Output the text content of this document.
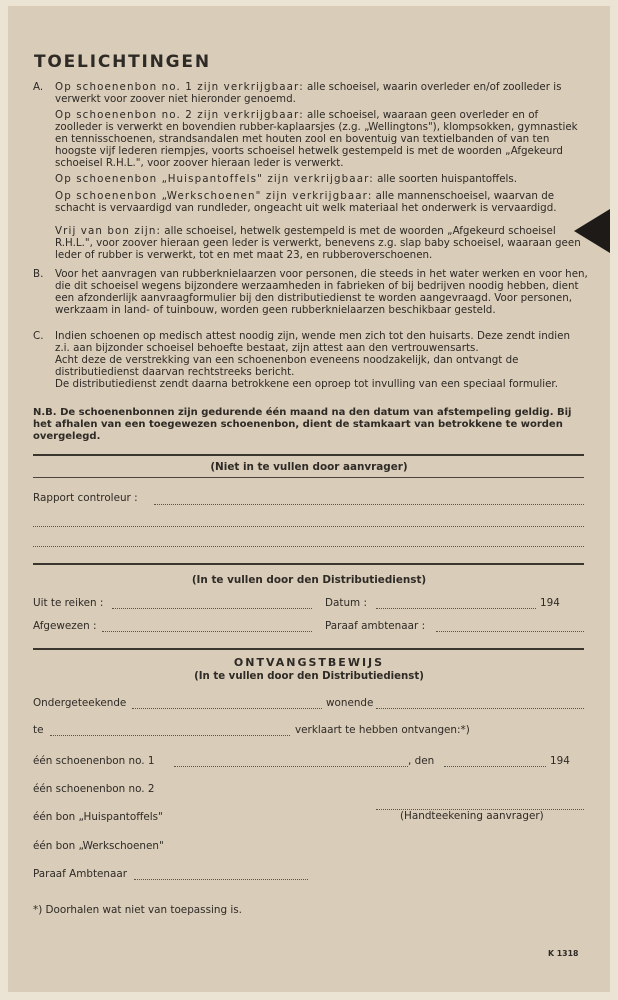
TOELICHTINGEN
A. Op schoenenbon no. 1 zijn verkrijgbaar: alle schoeisel, waarin overleder en/of zoolleder is verwerkt voor zoover niet hieronder genoemd.
Op schoenenbon no. 2 zijn verkrijgbaar: alle schoeisel, waaraan geen overleder en of zoolleder is verwerkt en bovendien rubber-kaplaarsjes (z.g. „Wellingtons"), klompsokken, gymnastiek en tennisschoenen, strandsandalen met houten zool en boventuig van textielbanden of van ten hoogste vijf lederen riempjes, voorts schoeisel hetwelk gestempeld is met de woorden „Afgekeurd schoeisel R.H.L.", voor zoover hieraan leder is verwerkt.
Op schoenenbon „Huispantoffels" zijn verkrijgbaar: alle soorten huispantoffels.
Op schoenenbon „Werkschoenen" zijn verkrijgbaar: alle mannenschoeisel, waarvan de schacht is vervaardigd van rundleder, ongeacht uit welk materiaal het onderwerk is vervaardigd.
Vrij van bon zijn: alle schoeisel, hetwelk gestempeld is met de woorden „Afgekeurd schoeisel R.H.L.", voor zoover hieraan geen leder is verwerkt, benevens z.g. slap baby schoeisel, waaraan geen leder of rubber is verwerkt, tot en met maat 23, en rubberoverschoenen.
B. Voor het aanvragen van rubberknielaarzen voor personen, die steeds in het water werken en voor hen, die dit schoeisel wegens bijzondere werzaamheden in fabrieken of bij bedrijven noodig hebben, dient een afzonderlijk aanvraagformulier bij den distributiedienst te worden aangevraagd. Voor personen, werkzaam in land- of tuinbouw, worden geen rubberknielaarzen beschikbaar gesteld.
C. Indien schoenen op medisch attest noodig zijn, wende men zich tot den huisarts. Deze zendt indien z.i. aan bijzonder schoeisel behoefte bestaat, zijn attest aan den vertrouwensarts.
Acht deze de verstrekking van een schoenenbon eveneens noodzakelijk, dan ontvangt de distributiedienst daarvan rechtstreeks bericht.
De distributiedienst zendt daarna betrokkene een oproep tot invulling van een speciaal formulier.
N.B. De schoenenbonnen zijn gedurende één maand na den datum van afstempeling geldig. Bij het afhalen van een toegewezen schoenenbon, dient de stamkaart van betrokkene te worden overgelegd.
(Niet in te vullen door aanvrager)
Rapport controleur :
(In te vullen door den Distributiedienst)
Uit te reiken :	Datum :	194
Afgewezen :	Paraaf ambtenaar :
ONTVANGSTBEWIJS
(In te vullen door den Distributiedienst)
Ondergeteekende	wonende
te	verklaart te hebben ontvangen:*)
één schoenenbon no. 1	, den	194
één schoenenbon no. 2
één bon „Huispantoffels"	(Handteekening aanvrager)
één bon „Werkschoenen"
Paraaf Ambtenaar
*) Doorhalen wat niet van toepassing is.
K 1318
